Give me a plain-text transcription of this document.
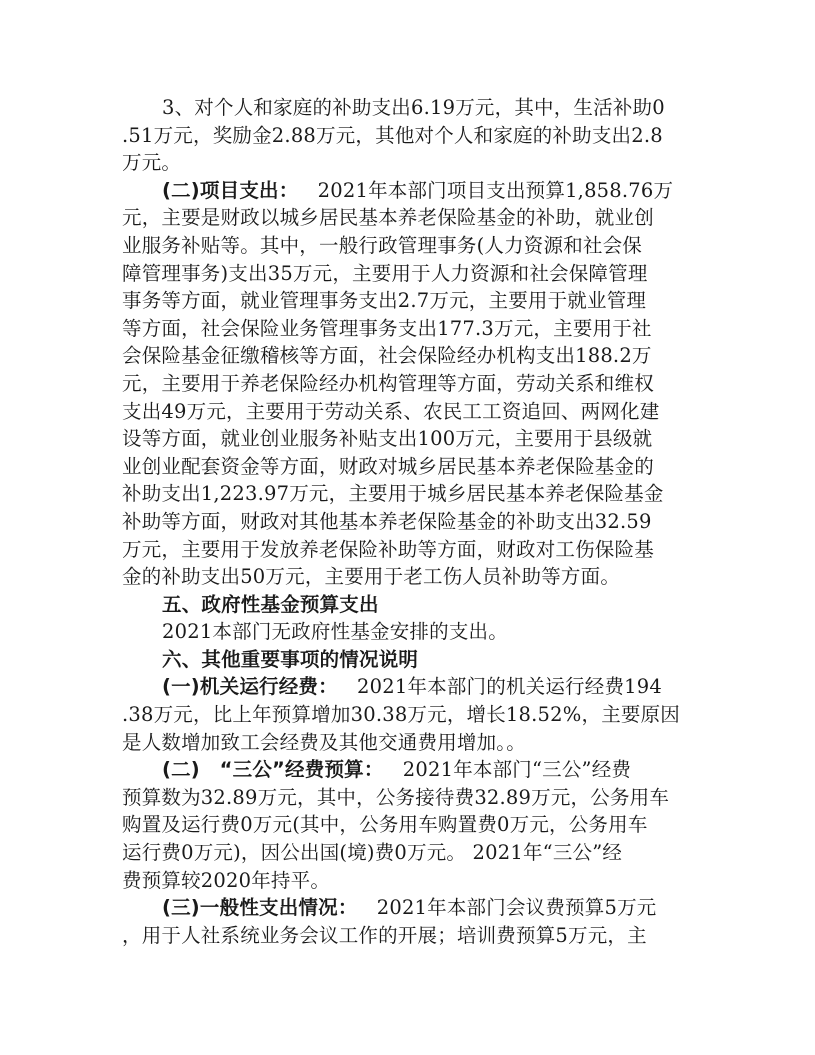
3、对个人和家庭的补助支出6.19万元，其中，生活补助0
.51万元，奖励金2.88万元，其他对个人和家庭的补助支出2.8
万元。
(二)项目支出： 2021年本部门项目支出预算1,858.76万
元，主要是财政以城乡居民基本养老保险基金的补助，就业创
业服务补贴等。其中，一般行政管理事务(人力资源和社会保
障管理事务)支出35万元，主要用于人力资源和社会保障管理
事务等方面，就业管理事务支出2.7万元，主要用于就业管理
等方面，社会保险业务管理事务支出177.3万元，主要用于社
会保险基金征缴稽核等方面，社会保险经办机构支出188.2万
元，主要用于养老保险经办机构管理等方面，劳动关系和维权
支出49万元，主要用于劳动关系、农民工工资追回、两网化建
设等方面，就业创业服务补贴支出100万元，主要用于县级就
业创业配套资金等方面，财政对城乡居民基本养老保险基金的
补助支出1,223.97万元，主要用于城乡居民基本养老保险基金
补助等方面，财政对其他基本养老保险基金的补助支出32.59
万元，主要用于发放养老保险补助等方面，财政对工伤保险基
金的补助支出50万元，主要用于老工伤人员补助等方面。
五、政府性基金预算支出
2021本部门无政府性基金安排的支出。
六、其他重要事项的情况说明
(一)机关运行经费： 2021年本部门的机关运行经费194
.38万元，比上年预算增加30.38万元，增长18.52%，主要原因
是人数增加致工会经费及其他交通费用增加。。
(二)　“三公”经费预算： 2021年本部门“三公”经费
预算数为32.89万元，其中，公务接待费32.89万元，公务用车
购置及运行费0万元(其中，公务用车购置费0万元，公务用车
运行费0万元)，因公出国(境)费0万元。 2021年“三公”经
费预算较2020年持平。
(三)一般性支出情况： 2021年本部门会议费预算5万元
，用于人社系统业务会议工作的开展；培训费预算5万元，主
